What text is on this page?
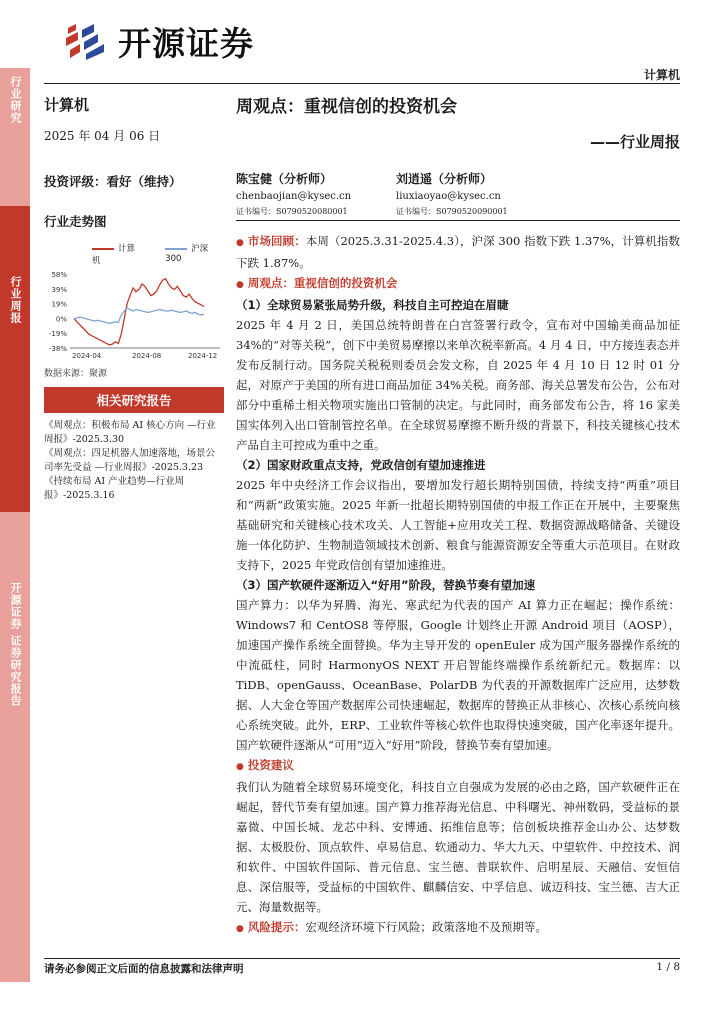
行业研究
行业周报
开源证券 证券研究报告
开源证券
计算机
计算机
2025 年 04 月 06 日
投资评级：看好（维持）
行业走势图
计算机
沪深300
58%
39%
19%
0%
-19%
-38%
2024-04	2024-08	2024-12
数据来源：聚源
相关研究报告
《周观点：积极布局 AI 核心方向 —行业周报》-2025.3.30
《周观点：四足机器人加速落地，场景公司率先受益 —行业周报》-2025.3.23
《持续布局 AI 产业趋势—行业周报》-2025.3.16
周观点：重视信创的投资机会
——行业周报
陈宝健（分析师）
chenbaojian@kysec.cn
证书编号：S0790520080001
刘逍遥（分析师）
liuxiaoyao@kysec.cn
证书编号：S0790520090001

● 市场回顾：本周（2025.3.31-2025.4.3），沪深 300 指数下跌 1.37%，计算机指数下跌 1.87%。

● 周观点：重视信创的投资机会

（1）全球贸易紧张局势升级，科技自主可控迫在眉睫

2025 年 4 月 2 日，美国总统特朗普在白宫签署行政令，宣布对中国输美商品加征 34%的“对等关税”，创下中美贸易摩擦以来单次税率新高。4 月 4 日，中方接连表态并发布反制行动。国务院关税税则委员会发文称，自 2025 年 4 月 10 日 12 时 01 分起，对原产于美国的所有进口商品加征 34%关税。商务部、海关总署发布公告，公布对部分中重稀土相关物项实施出口管制的决定。与此同时，商务部发布公告，将 16 家美国实体列入出口管制管控名单。在全球贸易摩擦不断升级的背景下，科技关键核心技术产品自主可控成为重中之重。

（2）国家财政重点支持，党政信创有望加速推进

2025 年中央经济工作会议指出，要增加发行超长期特别国债，持续支持“两重”项目和“两新”政策实施。2025 年新一批超长期特别国债的申报工作正在开展中，主要聚焦基础研究和关键核心技术攻关、人工智能+应用攻关工程、数据资源战略储备、关键设施一体化防护、生物制造领域技术创新、粮食与能源资源安全等重大示范项目。在财政支持下，2025 年党政信创有望加速推进。

（3）国产软硬件逐渐迈入“好用”阶段，替换节奏有望加速

国产算力：以华为昇腾、海光、寒武纪为代表的国产 AI 算力正在崛起；操作系统：Windows7 和 CentOS8 等停服，Google 计划终止开源 Android 项目（AOSP），加速国产操作系统全面替换。华为主导开发的 openEuler 成为国产服务器操作系统的中流砥柱，同时 HarmonyOS NEXT 开启智能终端操作系统新纪元。数据库：以 TiDB、openGauss、OceanBase、PolarDB 为代表的开源数据库广泛应用，达梦数据、人大金仓等国产数据库公司快速崛起，数据库的替换正从非核心、次核心系统向核心系统突破。此外，ERP、工业软件等核心软件也取得快速突破，国产化率逐年提升。国产软硬件逐渐从“可用”迈入“好用”阶段，替换节奏有望加速。

● 投资建议

我们认为随着全球贸易环境变化，科技自立自强成为发展的必由之路，国产软硬件正在崛起，替代节奏有望加速。国产算力推荐海光信息、中科曙光、神州数码，受益标的景嘉微、中国长城、龙芯中科、安博通、拓维信息等；信创板块推荐金山办公、达梦数据、太极股份、顶点软件、卓易信息、软通动力、华大九天、中望软件、中控技术、润和软件、中国软件国际、普元信息、宝兰德、普联软件、启明星辰、天融信、安恒信息、深信服等，受益标的中国软件、麒麟信安、中孚信息、诚迈科技、宝兰德、吉大正元、海量数据等。

● 风险提示：宏观经济环境下行风险；政策落地不及预期等。

请务必参阅正文后面的信息披露和法律声明	1 / 8
